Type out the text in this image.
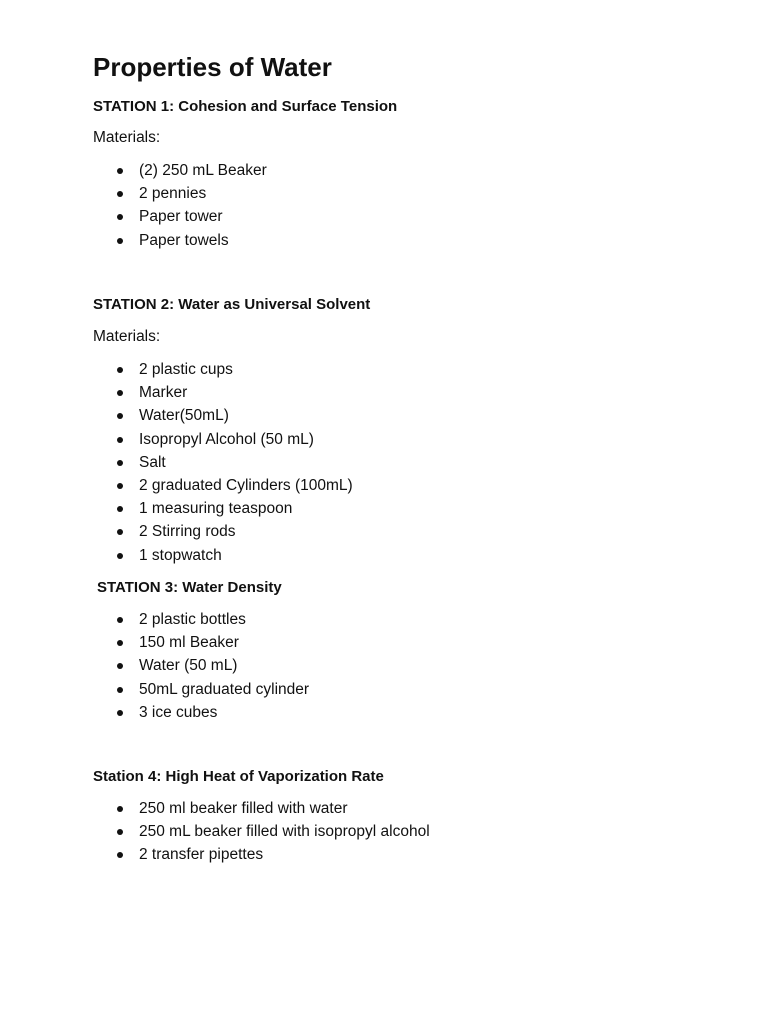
Properties of Water
STATION 1: Cohesion and Surface Tension

Materials:

(2) 250 mL Beaker
2 pennies
Paper tower
Paper towels
STATION 2: Water as Universal Solvent

Materials:

2 plastic cups
Marker
Water(50mL)
Isopropyl Alcohol (50 mL)
Salt
2 graduated Cylinders (100mL)
1 measuring teaspoon
2 Stirring rods
1 stopwatch
STATION 3: Water Density
2 plastic bottles
150 ml Beaker
Water (50 mL)
50mL graduated cylinder
3 ice cubes
Station 4: High Heat of Vaporization Rate
250 ml beaker filled with water
250 mL beaker filled with isopropyl alcohol
2 transfer pipettes
